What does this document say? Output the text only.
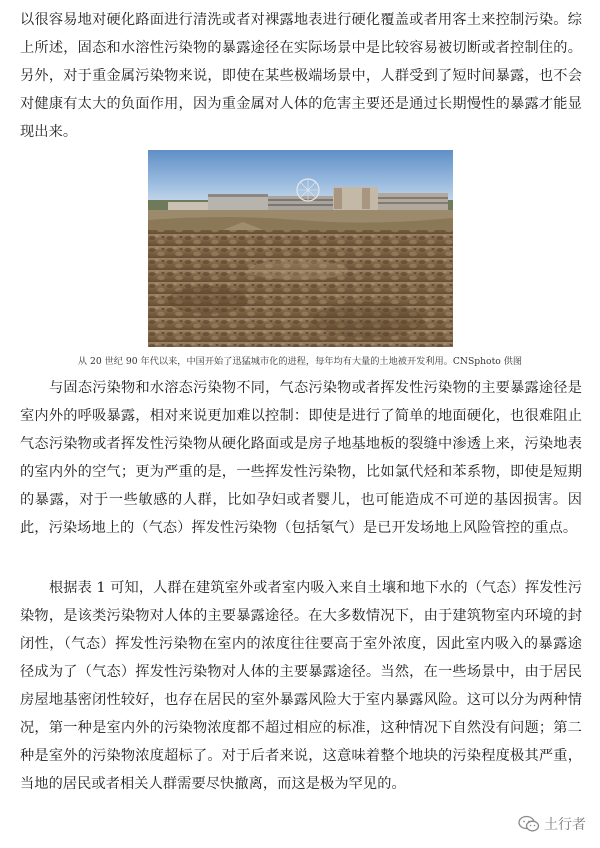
以很容易地对硬化路面进行清洗或者对裸露地表进行硬化覆盖或者用客土来控制污染。综上所述，固态和水溶性污染物的暴露途径在实际场景中是比较容易被切断或者控制住的。另外，对于重金属污染物来说，即使在某些极端场景中，人群受到了短时间暴露，也不会对健康有太大的负面作用，因为重金属对人体的危害主要还是通过长期慢性的暴露才能显现出来。

从 20 世纪 90 年代以来，中国开始了迅猛城市化的进程，每年均有大量的土地被开发利用。CNSphoto 供图

与固态污染物和水溶态污染物不同，气态污染物或者挥发性污染物的主要暴露途径是室内外的呼吸暴露，相对来说更加难以控制：即使是进行了简单的地面硬化，也很难阻止气态污染物或者挥发性污染物从硬化路面或是房子地基地板的裂缝中渗透上来，污染地表的室内外的空气；更为严重的是，一些挥发性污染物，比如氯代烃和苯系物，即使是短期的暴露，对于一些敏感的人群，比如孕妇或者婴儿，也可能造成不可逆的基因损害。因此，污染场地上的（气态）挥发性污染物（包括氡气）是已开发场地上风险管控的重点。

根据表 1 可知，人群在建筑室外或者室内吸入来自土壤和地下水的（气态）挥发性污染物，是该类污染物对人体的主要暴露途径。在大多数情况下，由于建筑物室内环境的封闭性，（气态）挥发性污染物在室内的浓度往往要高于室外浓度，因此室内吸入的暴露途径成为了（气态）挥发性污染物对人体的主要暴露途径。当然，在一些场景中，由于居民房屋地基密闭性较好，也存在居民的室外暴露风险大于室内暴露风险。这可以分为两种情况，第一种是室内外的污染物浓度都不超过相应的标准，这种情况下自然没有问题；第二种是室外的污染物浓度超标了。对于后者来说，这意味着整个地块的污染程度极其严重，当地的居民或者相关人群需要尽快撤离，而这是极为罕见的。

土行者
